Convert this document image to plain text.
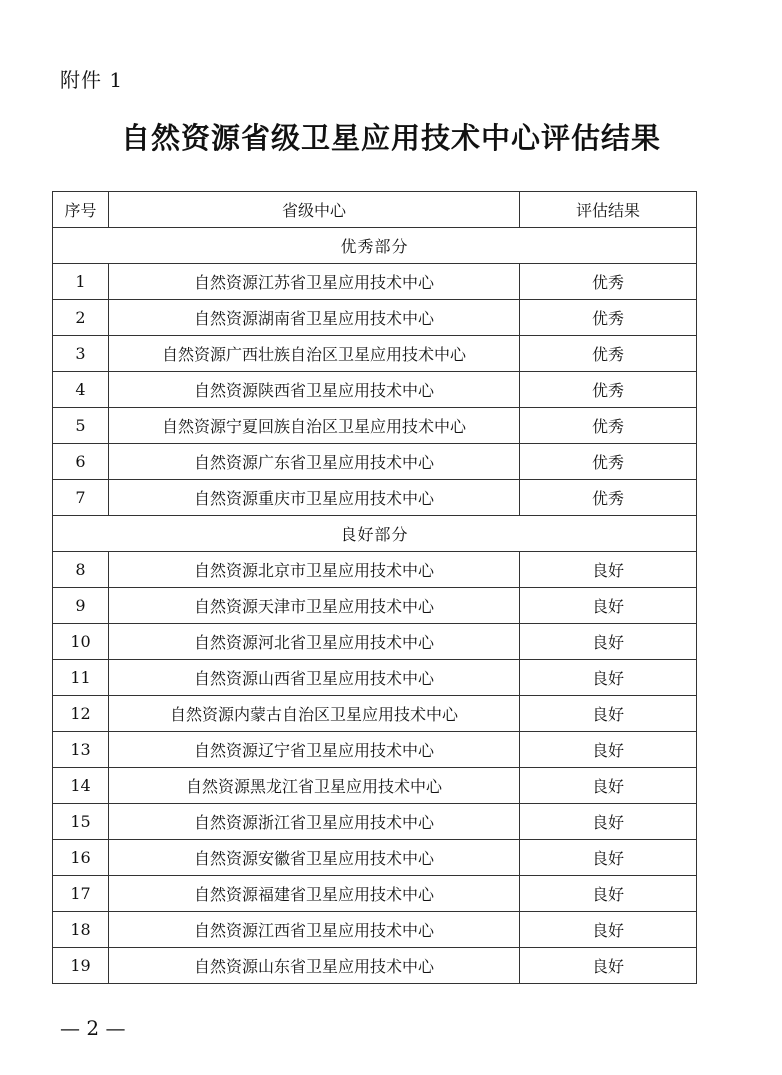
附件 1
自然资源省级卫星应用技术中心评估结果
序号	省级中心	评估结果
优秀部分		
1	自然资源江苏省卫星应用技术中心	优秀
2	自然资源湖南省卫星应用技术中心	优秀
3	自然资源广西壮族自治区卫星应用技术中心	优秀
4	自然资源陕西省卫星应用技术中心	优秀
5	自然资源宁夏回族自治区卫星应用技术中心	优秀
6	自然资源广东省卫星应用技术中心	优秀
7	自然资源重庆市卫星应用技术中心	优秀
良好部分		
8	自然资源北京市卫星应用技术中心	良好
9	自然资源天津市卫星应用技术中心	良好
10	自然资源河北省卫星应用技术中心	良好
11	自然资源山西省卫星应用技术中心	良好
12	自然资源内蒙古自治区卫星应用技术中心	良好
13	自然资源辽宁省卫星应用技术中心	良好
14	自然资源黑龙江省卫星应用技术中心	良好
15	自然资源浙江省卫星应用技术中心	良好
16	自然资源安徽省卫星应用技术中心	良好
17	自然资源福建省卫星应用技术中心	良好
18	自然资源江西省卫星应用技术中心	良好
19	自然资源山东省卫星应用技术中心	良好
— 2 —
